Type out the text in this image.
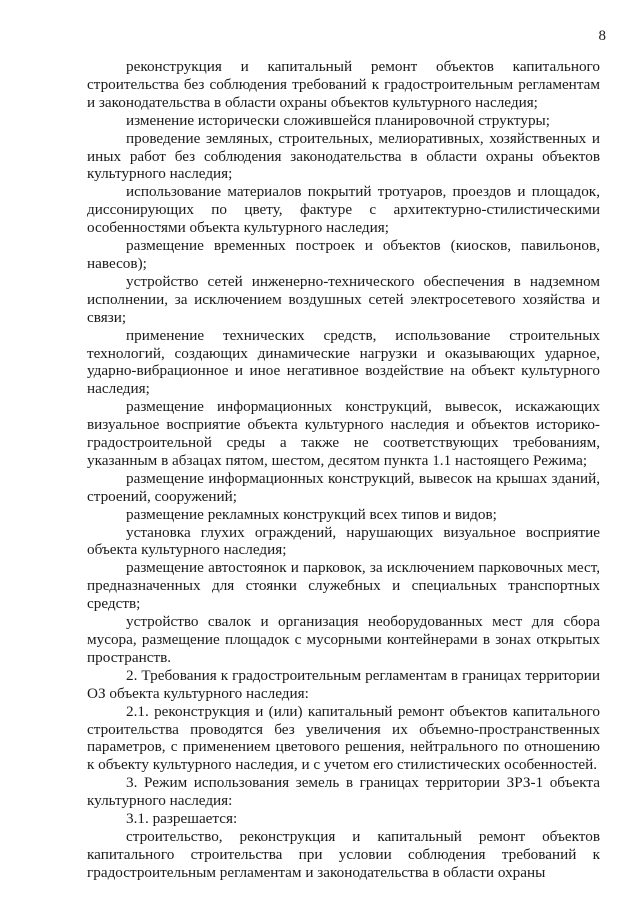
8

реконструкция и капитальный ремонт объектов капитального строительства без соблюдения требований к градостроительным регламентам и законодательства в области охраны объектов культурного наследия;

изменение исторически сложившейся планировочной структуры;

проведение земляных, строительных, мелиоративных, хозяйственных и иных работ без соблюдения законодательства в области охраны объектов культурного наследия;

использование материалов покрытий тротуаров, проездов и площадок, диссонирующих по цвету, фактуре с архитектурно-стилистическими особенностями объекта культурного наследия;

размещение временных построек и объектов (киосков, павильонов, навесов);

устройство сетей инженерно-технического обеспечения в надземном исполнении, за исключением воздушных сетей электросетевого хозяйства и связи;

применение технических средств, использование строительных технологий, создающих динамические нагрузки и оказывающих ударное, ударно-вибрационное и иное негативное воздействие на объект культурного наследия;

размещение информационных конструкций, вывесок, искажающих визуальное восприятие объекта культурного наследия и объектов историко-градостроительной среды а также не соответствующих требованиям, указанным в абзацах пятом, шестом, десятом пункта 1.1 настоящего Режима;

размещение информационных конструкций, вывесок на крышах зданий, строений, сооружений;

размещение рекламных конструкций всех типов и видов;

установка глухих ограждений, нарушающих визуальное восприятие объекта культурного наследия;

размещение автостоянок и парковок, за исключением парковочных мест, предназначенных для стоянки служебных и специальных транспортных средств;

устройство свалок и организация необорудованных мест для сбора мусора, размещение площадок с мусорными контейнерами в зонах открытых пространств.

2. Требования к градостроительным регламентам в границах территории ОЗ объекта культурного наследия:

2.1. реконструкция и (или) капитальный ремонт объектов капитального строительства проводятся без увеличения их объемно-пространственных параметров, с применением цветового решения, нейтрального по отношению к объекту культурного наследия, и с учетом его стилистических особенностей.

3. Режим использования земель в границах территории ЗРЗ-1 объекта культурного наследия:

3.1. разрешается:

строительство, реконструкция и капитальный ремонт объектов капитального строительства при условии соблюдения требований к градостроительным регламентам и законодательства в области охраны
